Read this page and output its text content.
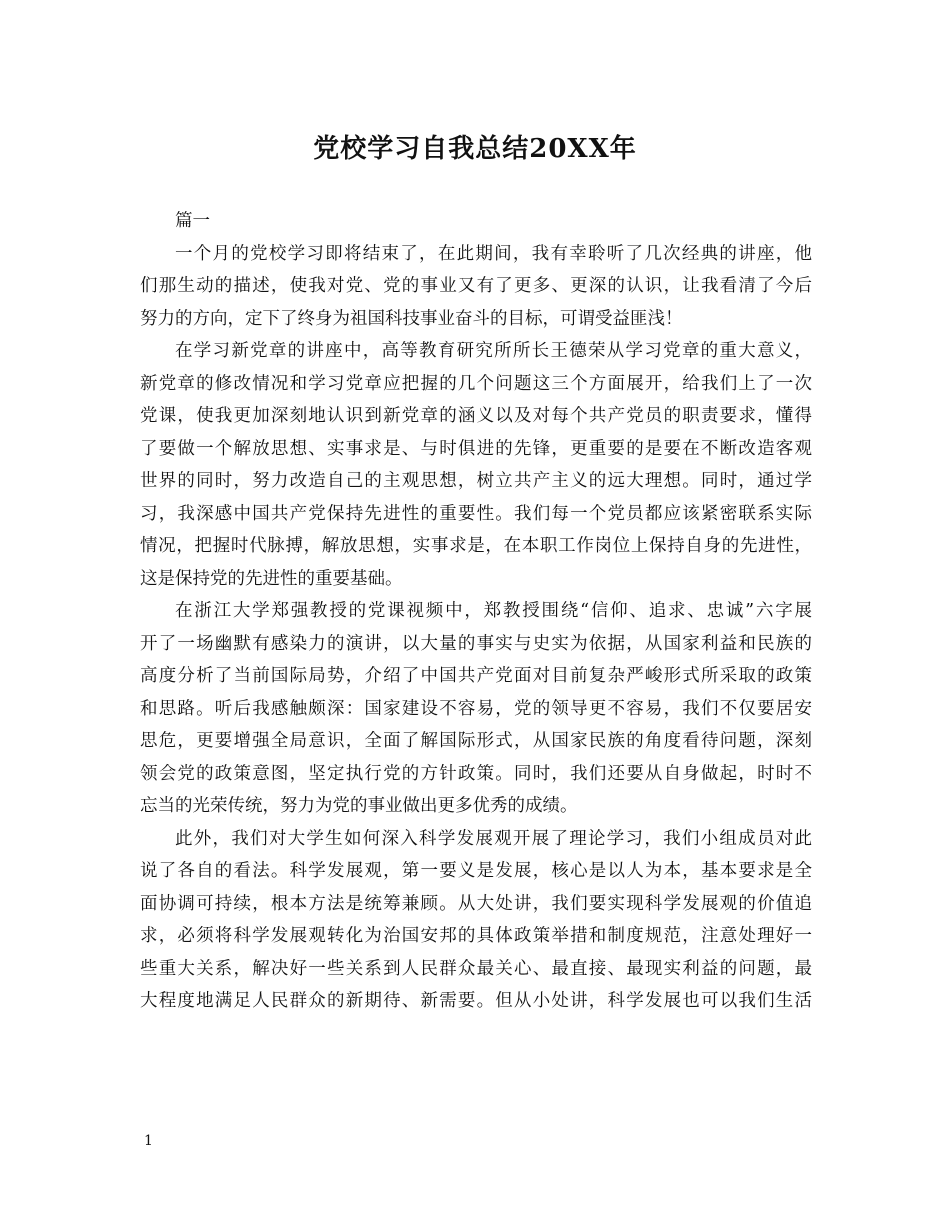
党校学习自我总结20XX年

篇一

一个月的党校学习即将结束了，在此期间，我有幸聆听了几次经典的讲座，他
们那生动的描述，使我对党、党的事业又有了更多、更深的认识，让我看清了今后
努力的方向，定下了终身为祖国科技事业奋斗的目标，可谓受益匪浅！
在学习新党章的讲座中，高等教育研究所所长王德荣从学习党章的重大意义，
新党章的修改情况和学习党章应把握的几个问题这三个方面展开，给我们上了一次
党课，使我更加深刻地认识到新党章的涵义以及对每个共产党员的职责要求，懂得
了要做一个解放思想、实事求是、与时俱进的先锋，更重要的是要在不断改造客观
世界的同时，努力改造自己的主观思想，树立共产主义的远大理想。同时，通过学
习，我深感中国共产党保持先进性的重要性。我们每一个党员都应该紧密联系实际
情况，把握时代脉搏，解放思想，实事求是，在本职工作岗位上保持自身的先进性，
这是保持党的先进性的重要基础。
在浙江大学郑强教授的党课视频中，郑教授围绕“信仰、追求、忠诚”六字展
开了一场幽默有感染力的演讲，以大量的事实与史实为依据，从国家利益和民族的
高度分析了当前国际局势，介绍了中国共产党面对目前复杂严峻形式所采取的政策
和思路。听后我感触颇深：国家建设不容易，党的领导更不容易，我们不仅要居安
思危，更要增强全局意识，全面了解国际形式，从国家民族的角度看待问题，深刻
领会党的政策意图，坚定执行党的方针政策。同时，我们还要从自身做起，时时不
忘当的光荣传统，努力为党的事业做出更多优秀的成绩。
此外，我们对大学生如何深入科学发展观开展了理论学习，我们小组成员对此
说了各自的看法。科学发展观，第一要义是发展，核心是以人为本，基本要求是全
面协调可持续，根本方法是统筹兼顾。从大处讲，我们要实现科学发展观的价值追
求，必须将科学发展观转化为治国安邦的具体政策举措和制度规范，注意处理好一
些重大关系，解决好一些关系到人民群众最关心、最直接、最现实利益的问题，最
大程度地满足人民群众的新期待、新需要。但从小处讲，科学发展也可以我们生活
1
